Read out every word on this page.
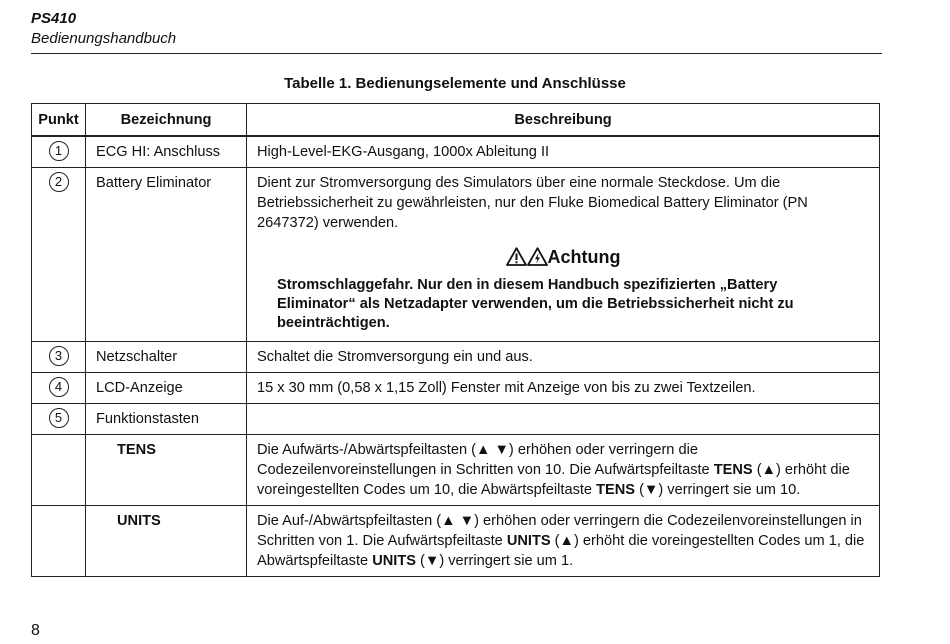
PS410
Bedienungshandbuch
Tabelle 1. Bedienungselemente und Anschlüsse
Punkt	Bezeichnung	Beschreibung
1	ECG HI: Anschluss	High-Level-EKG-Ausgang, 1000x Ableitung II
2	Battery Eliminator	Dient zur Stromversorgung des Simulators über eine normale Steckdose. Um die Betriebssicherheit zu gewährleisten, nur den Fluke Biomedical Battery Eliminator (PN 2647372) verwenden.
Achtung
Stromschlaggefahr. Nur den in diesem Handbuch spezifizierten „Battery Eliminator“ als Netzadapter verwenden, um die Betriebssicherheit nicht zu beeinträchtigen.

3	Netzschalter	Schaltet die Stromversorgung ein und aus.
4	LCD-Anzeige	15 x 30 mm (0,58 x 1,15 Zoll) Fenster mit Anzeige von bis zu zwei Textzeilen.
5	Funktionstasten	
	TENS	Die Aufwärts-/Abwärtspfeiltasten (▲ ▼) erhöhen oder verringern die Codezeilenvoreinstellungen in Schritten von 10. Die Aufwärtspfeiltaste TENS (▲) erhöht die voreingestellten Codes um 10, die Abwärtspfeiltaste TENS (▼) verringert sie um 10.
	UNITS	Die Auf-/Abwärtspfeiltasten (▲ ▼) erhöhen oder verringern die Codezeilenvoreinstellungen in Schritten von 1. Die Aufwärtspfeiltaste UNITS (▲) erhöht die voreingestellten Codes um 1, die Abwärtspfeiltaste UNITS (▼) verringert sie um 1.
8
